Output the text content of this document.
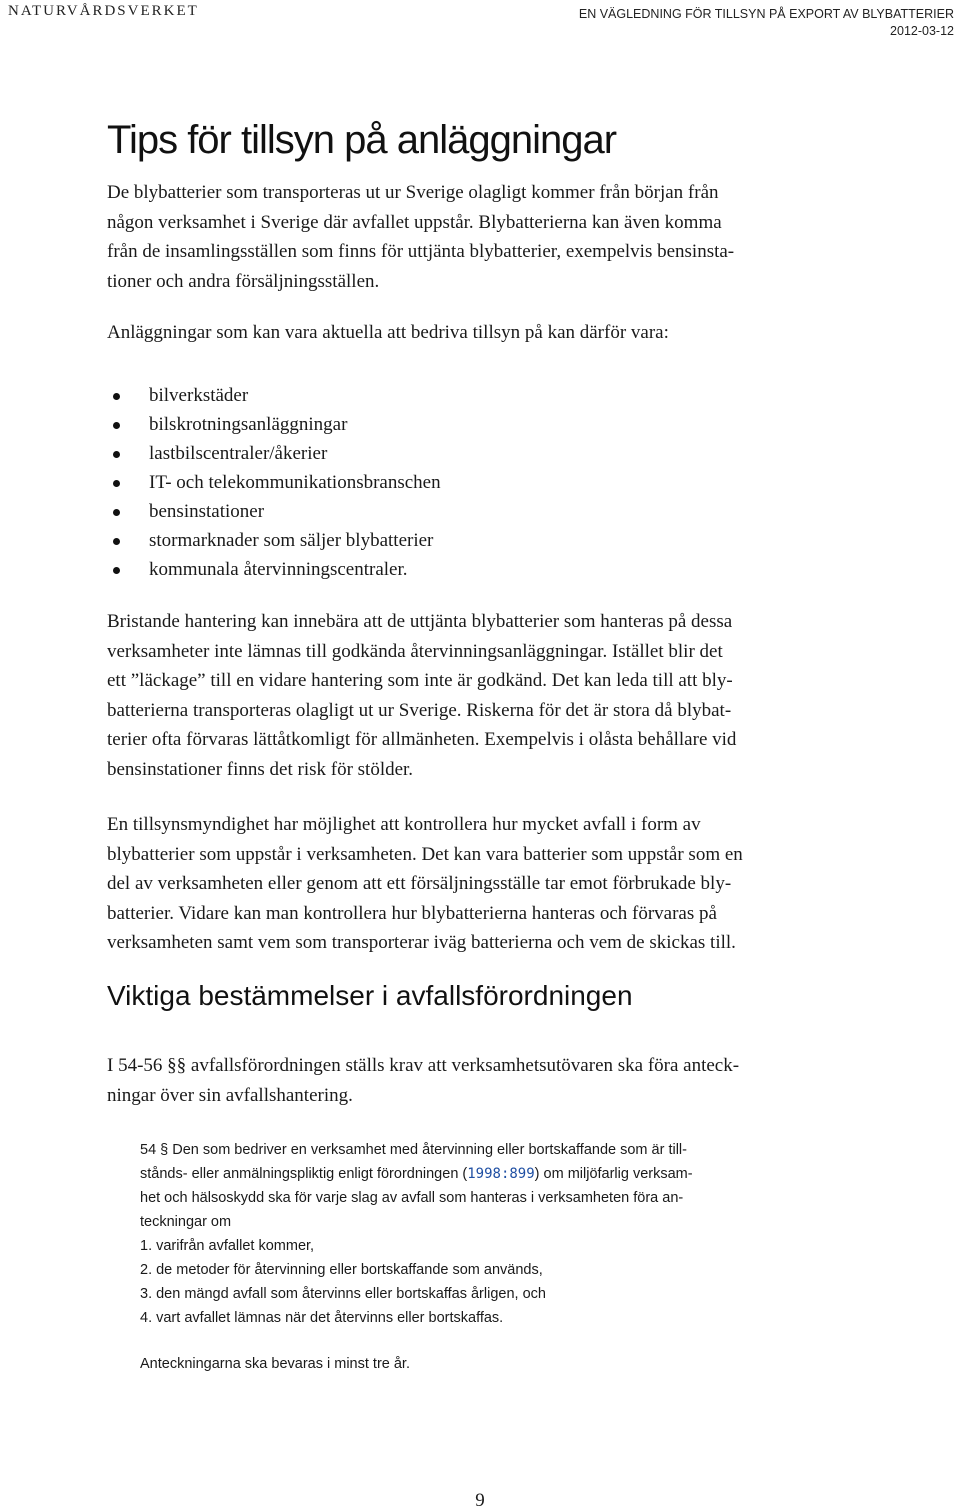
NATURVÅRDSVERKET	EN VÄGLEDNING FÖR TILLSYN PÅ EXPORT AV BLYBATTERIER
2012-03-12
Tips för tillsyn på anläggningar

De blybatterier som transporteras ut ur Sverige olagligt kommer från början från
någon verksamhet i Sverige där avfallet uppstår. Blybatterierna kan även komma
från de insamlingsställen som finns för uttjänta blybatterier, exempelvis bensinsta-
tioner och andra försäljningsställen.

Anläggningar som kan vara aktuella att bedriva tillsyn på kan därför vara:
bilverkstäder
bilskrotningsanläggningar
lastbilscentraler/åkerier
IT- och telekommunikationsbranschen
bensinstationer
stormarknader som säljer blybatterier
kommunala återvinningscentraler.

Bristande hantering kan innebära att de uttjänta blybatterier som hanteras på dessa
verksamheter inte lämnas till godkända återvinningsanläggningar. Istället blir det
ett ”läckage” till en vidare hantering som inte är godkänd. Det kan leda till att bly-
batterierna transporteras olagligt ut ur Sverige. Riskerna för det är stora då blybat-
terier ofta förvaras lättåtkomligt för allmänheten. Exempelvis i olåsta behållare vid
bensinstationer finns det risk för stölder.

En tillsynsmyndighet har möjlighet att kontrollera hur mycket avfall i form av
blybatterier som uppstår i verksamheten. Det kan vara batterier som uppstår som en
del av verksamheten eller genom att ett försäljningsställe tar emot förbrukade bly-
batterier. Vidare kan man kontrollera hur blybatterierna hanteras och förvaras på
verksamheten samt vem som transporterar iväg batterierna och vem de skickas till.

Viktiga bestämmelser i avfallsförordningen

I 54-56 §§ avfallsförordningen ställs krav att verksamhetsutövaren ska föra anteck-
ningar över sin avfallshantering.

54 § Den som bedriver en verksamhet med återvinning eller bortskaffande som är till-
stånds- eller anmälningspliktig enligt förordningen (1998:899) om miljöfarlig verksam-
het och hälsoskydd ska för varje slag av avfall som hanteras i verksamheten föra an-
teckningar om
1. varifrån avfallet kommer,
2. de metoder för återvinning eller bortskaffande som används,
3. den mängd avfall som återvinns eller bortskaffas årligen, och
4. vart avfallet lämnas när det återvinns eller bortskaffas.
Anteckningarna ska bevaras i minst tre år.
9
